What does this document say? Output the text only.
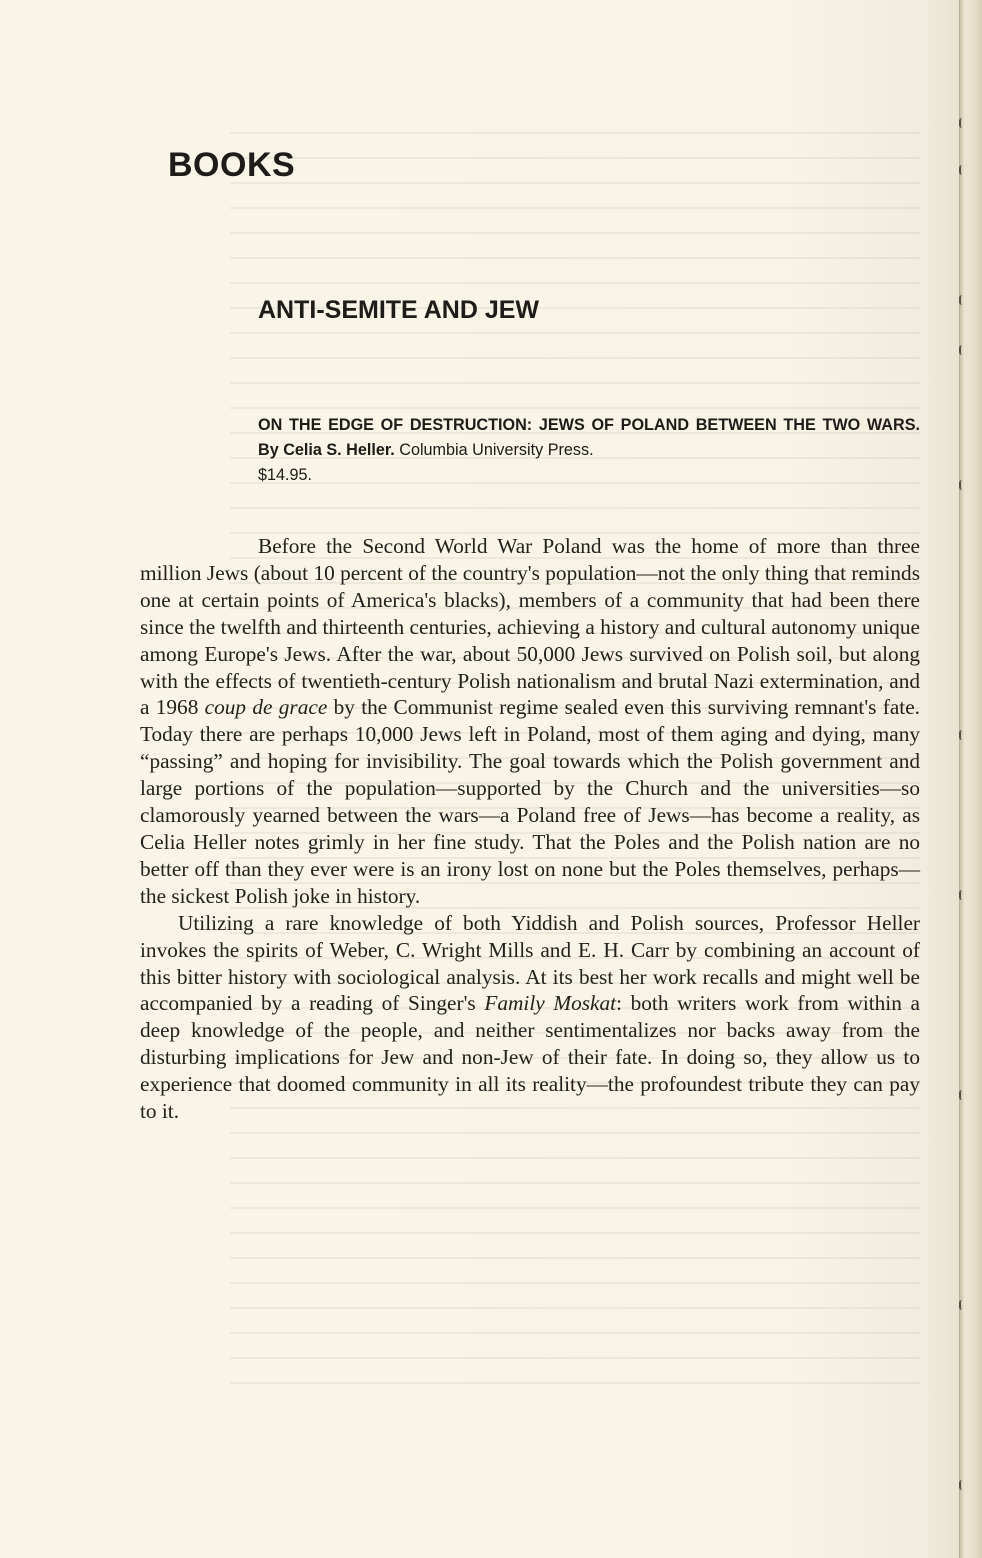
BOOKS
ANTI-SEMITE AND JEW
ON THE EDGE OF DESTRUCTION: JEWS OF POLAND BETWEEN THE TWO WARS. By Celia S. Heller. Columbia University Press.
$14.95.

Before the Second World War Poland was the home of more than three million Jews (about 10 percent of the country's population—not the only thing that reminds one at certain points of America's blacks), members of a community that had been there since the twelfth and thirteenth centuries, achieving a history and cultural autonomy unique among Europe's Jews. After the war, about 50,000 Jews survived on Polish soil, but along with the effects of twentieth-century Polish nationalism and brutal Nazi extermination, and a 1968 coup de grace by the Communist regime sealed even this surviving remnant's fate. Today there are perhaps 10,000 Jews left in Poland, most of them aging and dying, many “passing” and hoping for invisibility. The goal towards which the Polish government and large portions of the population—supported by the Church and the universities—so clamorously yearned between the wars—a Poland free of Jews—has become a reality, as Celia Heller notes grimly in her fine study. That the Poles and the Polish nation are no better off than they ever were is an irony lost on none but the Poles themselves, perhaps—the sickest Polish joke in history.

Utilizing a rare knowledge of both Yiddish and Polish sources, Professor Heller invokes the spirits of Weber, C. Wright Mills and E. H. Carr by combining an account of this bitter history with sociological analysis. At its best her work recalls and might well be accompanied by a reading of Singer's Family Moskat: both writers work from within a deep knowledge of the people, and neither sentimentalizes nor backs away from the disturbing implications for Jew and non-Jew of their fate. In doing so, they allow us to experience that doomed community in all its reality—the profoundest tribute they can pay to it.
